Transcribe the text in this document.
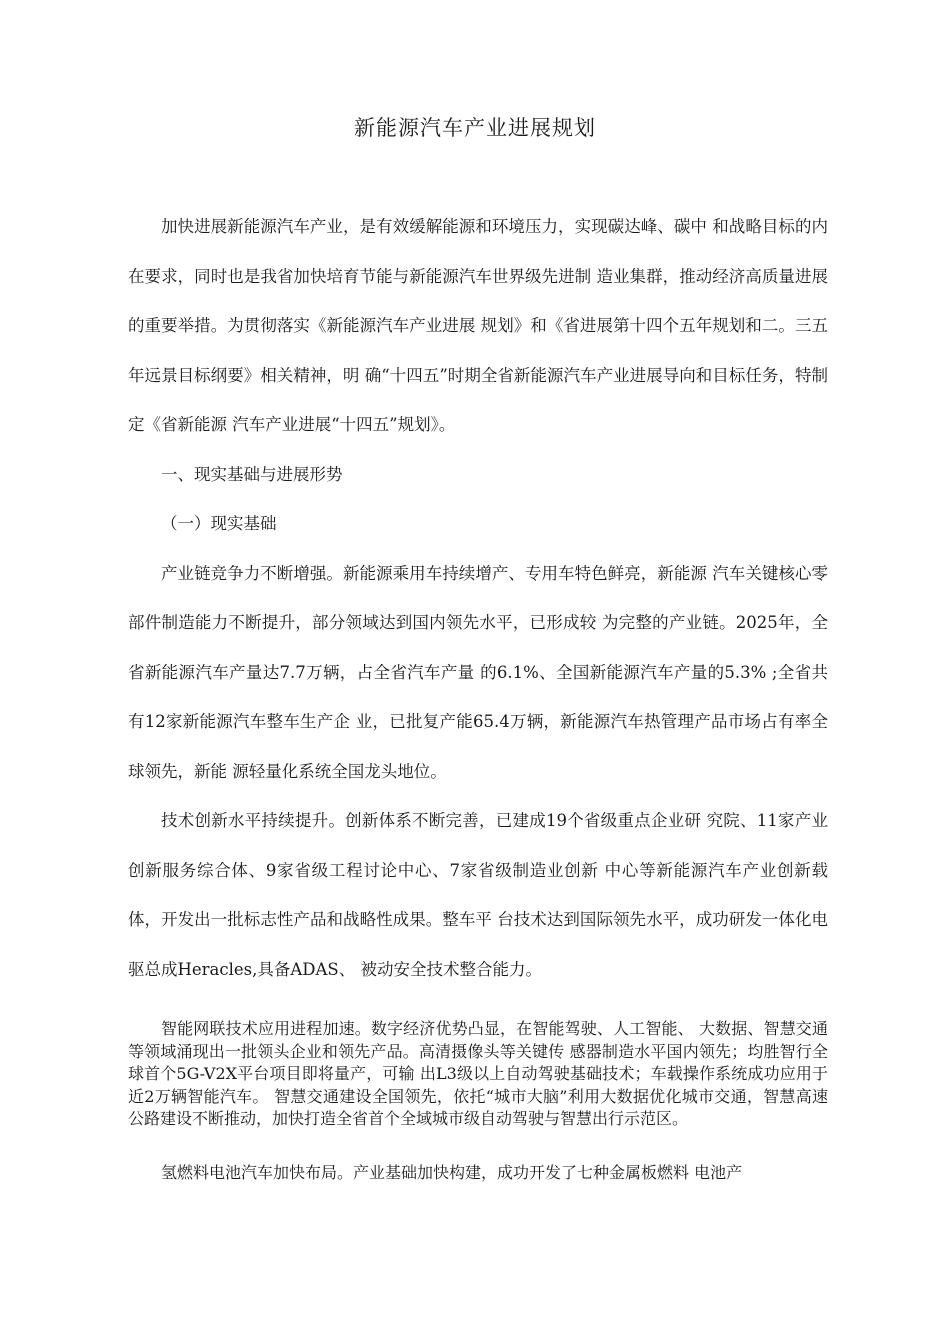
新能源汽车产业进展规划

加快进展新能源汽车产业，是有效缓解能源和环境压力，实现碳达峰、碳中 和战略目标的内在要求，同时也是我省加快培育节能与新能源汽车世界级先进制 造业集群，推动经济高质量进展的重要举措。为贯彻落实《新能源汽车产业进展 规划》和《省进展第十四个五年规划和二。三五年远景目标纲要》相关精神，明 确“十四五”时期全省新能源汽车产业进展导向和目标任务，特制定《省新能源 汽车产业进展“十四五”规划》。

一、现实基础与进展形势

（一）现实基础

产业链竞争力不断增强。新能源乘用车持续增产、专用车特色鲜亮，新能源 汽车关键核心零部件制造能力不断提升，部分领域达到国内领先水平，已形成较 为完整的产业链。2025年，全省新能源汽车产量达7.7万辆，占全省汽车产量 的6.1%、全国新能源汽车产量的5.3% ;全省共有12家新能源汽车整车生产企 业，已批复产能65.4万辆，新能源汽车热管理产品市场占有率全球领先，新能 源轻量化系统全国龙头地位。

技术创新水平持续提升。创新体系不断完善，已建成19个省级重点企业研 究院、11家产业创新服务综合体、9家省级工程讨论中心、7家省级制造业创新 中心等新能源汽车产业创新载体，开发出一批标志性产品和战略性成果。整车平 台技术达到国际领先水平，成功研发一体化电驱总成Heracles,具备ADAS、 被动安全技术整合能力。

智能网联技术应用进程加速。数字经济优势凸显，在智能驾驶、人工智能、 大数据、智慧交通等领域涌现出一批领头企业和领先产品。高清摄像头等关键传 感器制造水平国内领先；均胜智行全球首个5G-V2X平台项目即将量产，可输 出L3级以上自动驾驶基础技术；车载操作系统成功应用于近2万辆智能汽车。 智慧交通建设全国领先，依托“城市大脑”利用大数据优化城市交通，智慧高速 公路建设不断推动，加快打造全省首个全域城市级自动驾驶与智慧出行示范区。

氢燃料电池汽车加快布局。产业基础加快构建，成功开发了七种金属板燃料 电池产
